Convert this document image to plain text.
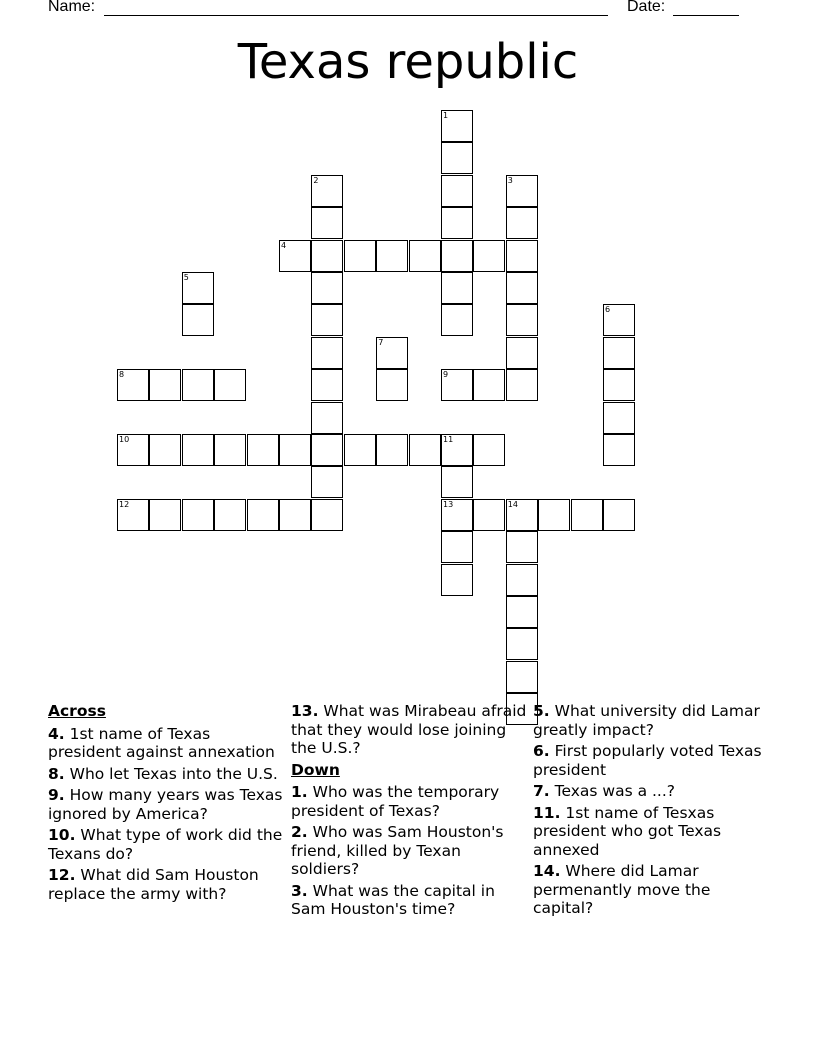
Name:	Date:
Texas republic
1
2	3
4
5
6
7
8	9
10	11
13
12	14
Across
4. 1st name of Texas president against annexation
8. Who let Texas into the U.S.
9. How many years was Texas ignored by America?
10. What type of work did the Texans do?
12. What did Sam Houston replace the army with?
13. What was Mirabeau afraid that they would lose joining the U.S.?
Down
1. Who was the temporary president of Texas?
2. Who was Sam Houston's friend, killed by Texan soldiers?
3. What was the capital in Sam Houston's time?
5. What university did Lamar greatly impact?
6. First popularly voted Texas president
7. Texas was a ...?
11. 1st name of Tesxas president who got Texas annexed
14. Where did Lamar permenantly move the capital?
